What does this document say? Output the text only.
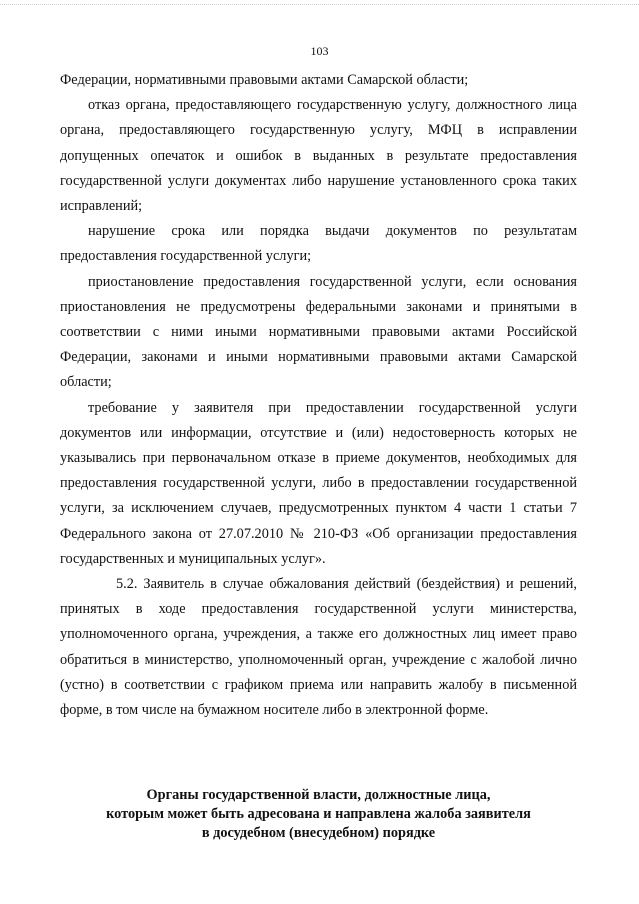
103

Федерации, нормативными правовыми актами Самарской области;

отказ органа, предоставляющего государственную услугу, должностного лица органа, предоставляющего государственную услугу, МФЦ в исправлении допущенных опечаток и ошибок в выданных в результате предоставления государственной услуги документах либо нарушение установленного срока таких исправлений;

нарушение срока или порядка выдачи документов по результатам предоставления государственной услуги;

приостановление предоставления государственной услуги, если основания приостановления не предусмотрены федеральными законами и принятыми в соответствии с ними иными нормативными правовыми актами Российской Федерации, законами и иными нормативными правовыми актами Самарской области;

требование у заявителя при предоставлении государственной услуги документов или информации, отсутствие и (или) недостоверность которых не указывались при первоначальном отказе в приеме документов, необходимых для предоставления государственной услуги, либо в предоставлении государственной услуги, за исключением случаев, предусмотренных пунктом 4 части 1 статьи 7 Федерального закона от 27.07.2010 № 210-ФЗ «Об организации предоставления государственных и муниципальных услуг».

5.2. Заявитель в случае обжалования действий (бездействия) и решений, принятых в ходе предоставления государственной услуги министерства, уполномоченного органа, учреждения, а также его должностных лиц имеет право обратиться в министерство, уполномоченный орган, учреждение с жалобой лично (устно) в соответствии с графиком приема или направить жалобу в письменной форме, в том числе на бумажном носителе либо в электронной форме.

Органы государственной власти, должностные лица,
которым может быть адресована и направлена жалоба заявителя
в досудебном (внесудебном) порядке
